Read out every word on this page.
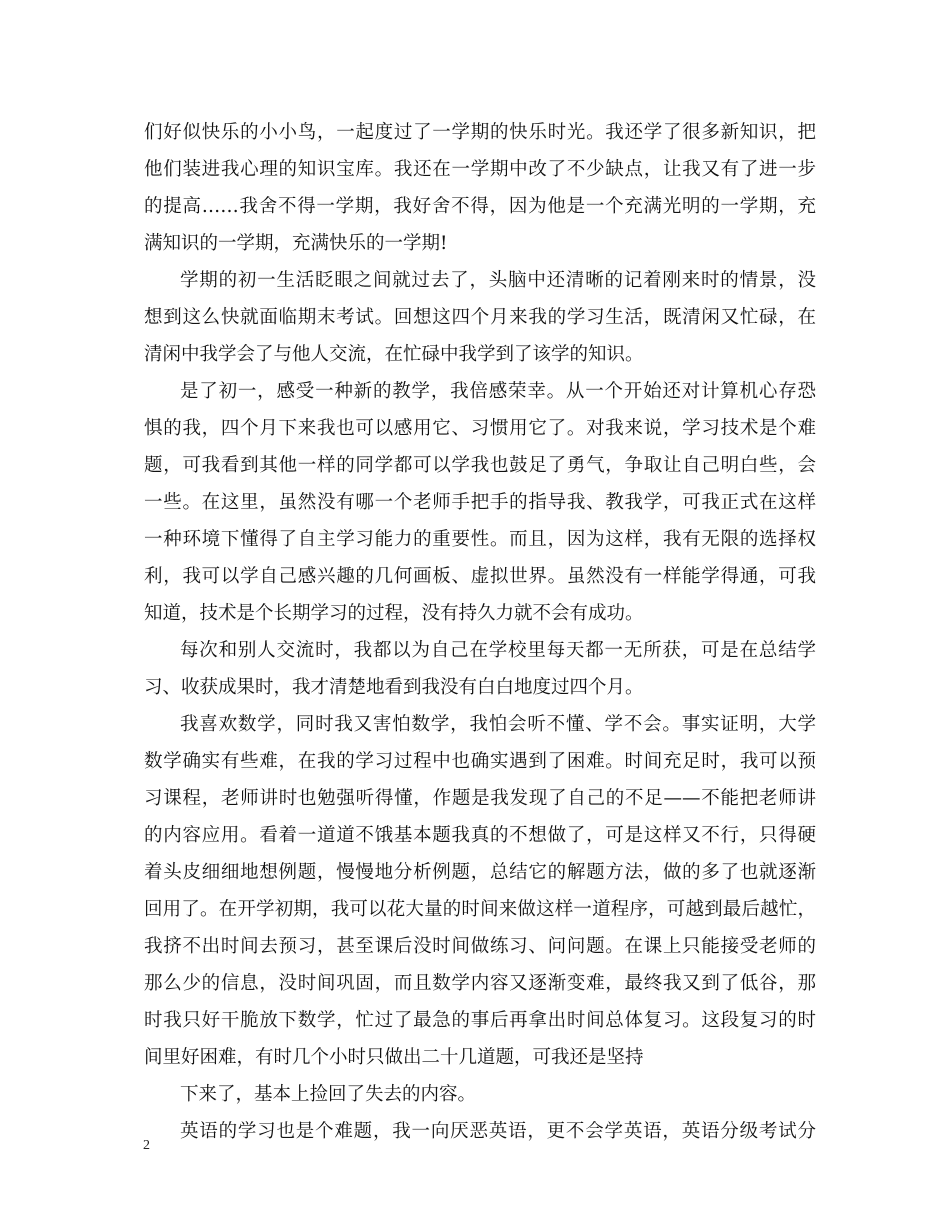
们好似快乐的小小鸟，一起度过了一学期的快乐时光。我还学了很多新知识，把
他们装进我心理的知识宝库。我还在一学期中改了不少缺点，让我又有了进一步
的提高……我舍不得一学期，我好舍不得，因为他是一个充满光明的一学期，充
满知识的一学期，充满快乐的一学期!
学期的初一生活眨眼之间就过去了，头脑中还清晰的记着刚来时的情景，没
想到这么快就面临期末考试。回想这四个月来我的学习生活，既清闲又忙碌，在
清闲中我学会了与他人交流，在忙碌中我学到了该学的知识。
是了初一，感受一种新的教学，我倍感荣幸。从一个开始还对计算机心存恐
惧的我，四个月下来我也可以感用它、习惯用它了。对我来说，学习技术是个难
题，可我看到其他一样的同学都可以学我也鼓足了勇气，争取让自己明白些，会
一些。在这里，虽然没有哪一个老师手把手的指导我、教我学，可我正式在这样
一种环境下懂得了自主学习能力的重要性。而且，因为这样，我有无限的选择权
利，我可以学自己感兴趣的几何画板、虚拟世界。虽然没有一样能学得通，可我
知道，技术是个长期学习的过程，没有持久力就不会有成功。
每次和别人交流时，我都以为自己在学校里每天都一无所获，可是在总结学
习、收获成果时，我才清楚地看到我没有白白地度过四个月。
我喜欢数学，同时我又害怕数学，我怕会听不懂、学不会。事实证明，大学
数学确实有些难，在我的学习过程中也确实遇到了困难。时间充足时，我可以预
习课程，老师讲时也勉强听得懂，作题是我发现了自己的不足——不能把老师讲
的内容应用。看着一道道不饿基本题我真的不想做了，可是这样又不行，只得硬
着头皮细细地想例题，慢慢地分析例题，总结它的解题方法，做的多了也就逐渐
回用了。在开学初期，我可以花大量的时间来做这样一道程序，可越到最后越忙，
我挤不出时间去预习，甚至课后没时间做练习、问问题。在课上只能接受老师的
那么少的信息，没时间巩固，而且数学内容又逐渐变难，最终我又到了低谷，那
时我只好干脆放下数学，忙过了最急的事后再拿出时间总体复习。这段复习的时
间里好困难，有时几个小时只做出二十几道题，可我还是坚持
下来了，基本上捡回了失去的内容。
英语的学习也是个难题，我一向厌恶英语，更不会学英语，英语分级考试分
2
